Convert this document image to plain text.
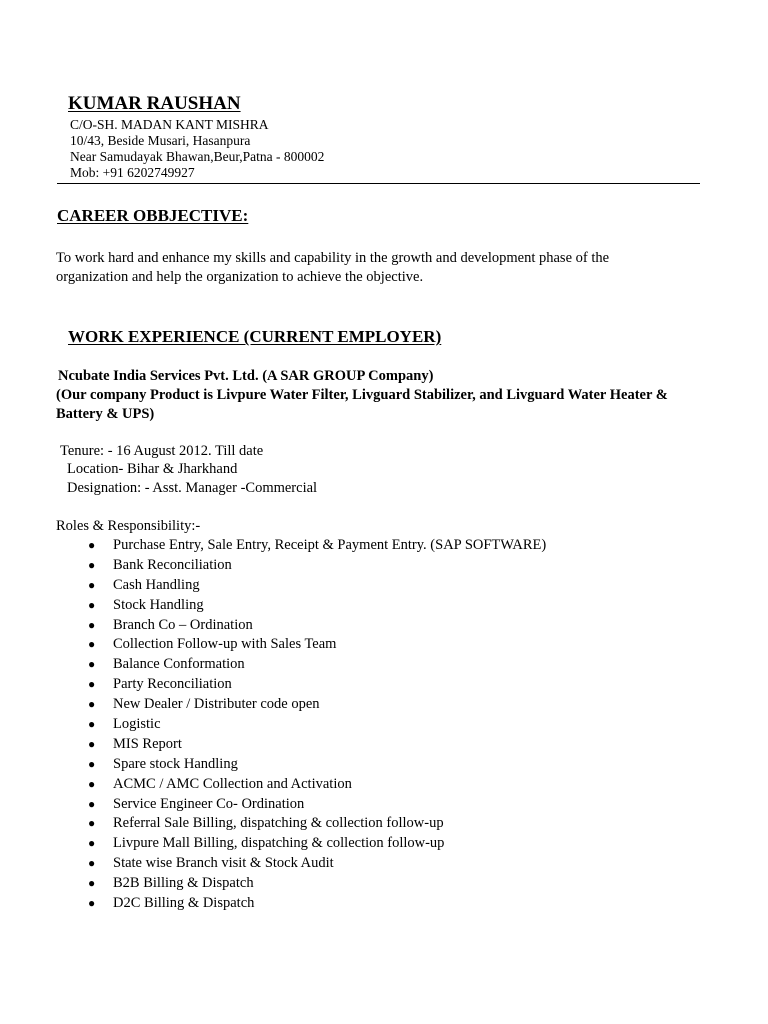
KUMAR RAUSHAN
C/O-SH. MADAN KANT MISHRA
10/43, Beside Musari, Hasanpura
Near Samudayak Bhawan,Beur,Patna - 800002
Mob: +91 6202749927
CAREER OBBJECTIVE:
To work hard and enhance my skills and capability in the growth and development phase of the
organization and help the organization to achieve the objective.
WORK EXPERIENCE (CURRENT EMPLOYER)
Ncubate India Services Pvt. Ltd. (A SAR GROUP Company)
(Our company Product is Livpure Water Filter, Livguard Stabilizer, and Livguard Water Heater &
Battery & UPS)
Tenure: - 16 August 2012. Till date
Location- Bihar & Jharkhand
Designation: - Asst. Manager -Commercial
Roles & Responsibility:-
● Purchase Entry, Sale Entry, Receipt & Payment Entry. (SAP SOFTWARE)
● Bank Reconciliation
● Cash Handling
● Stock Handling
● Branch Co – Ordination
● Collection Follow-up with Sales Team
● Balance Conformation
● Party Reconciliation
● New Dealer / Distributer code open
● Logistic
● MIS Report
● Spare stock Handling
● ACMC / AMC Collection and Activation
● Service Engineer Co- Ordination
● Referral Sale Billing, dispatching & collection follow-up
● Livpure Mall Billing, dispatching & collection follow-up
● State wise Branch visit & Stock Audit
● B2B Billing & Dispatch
● D2C Billing & Dispatch
